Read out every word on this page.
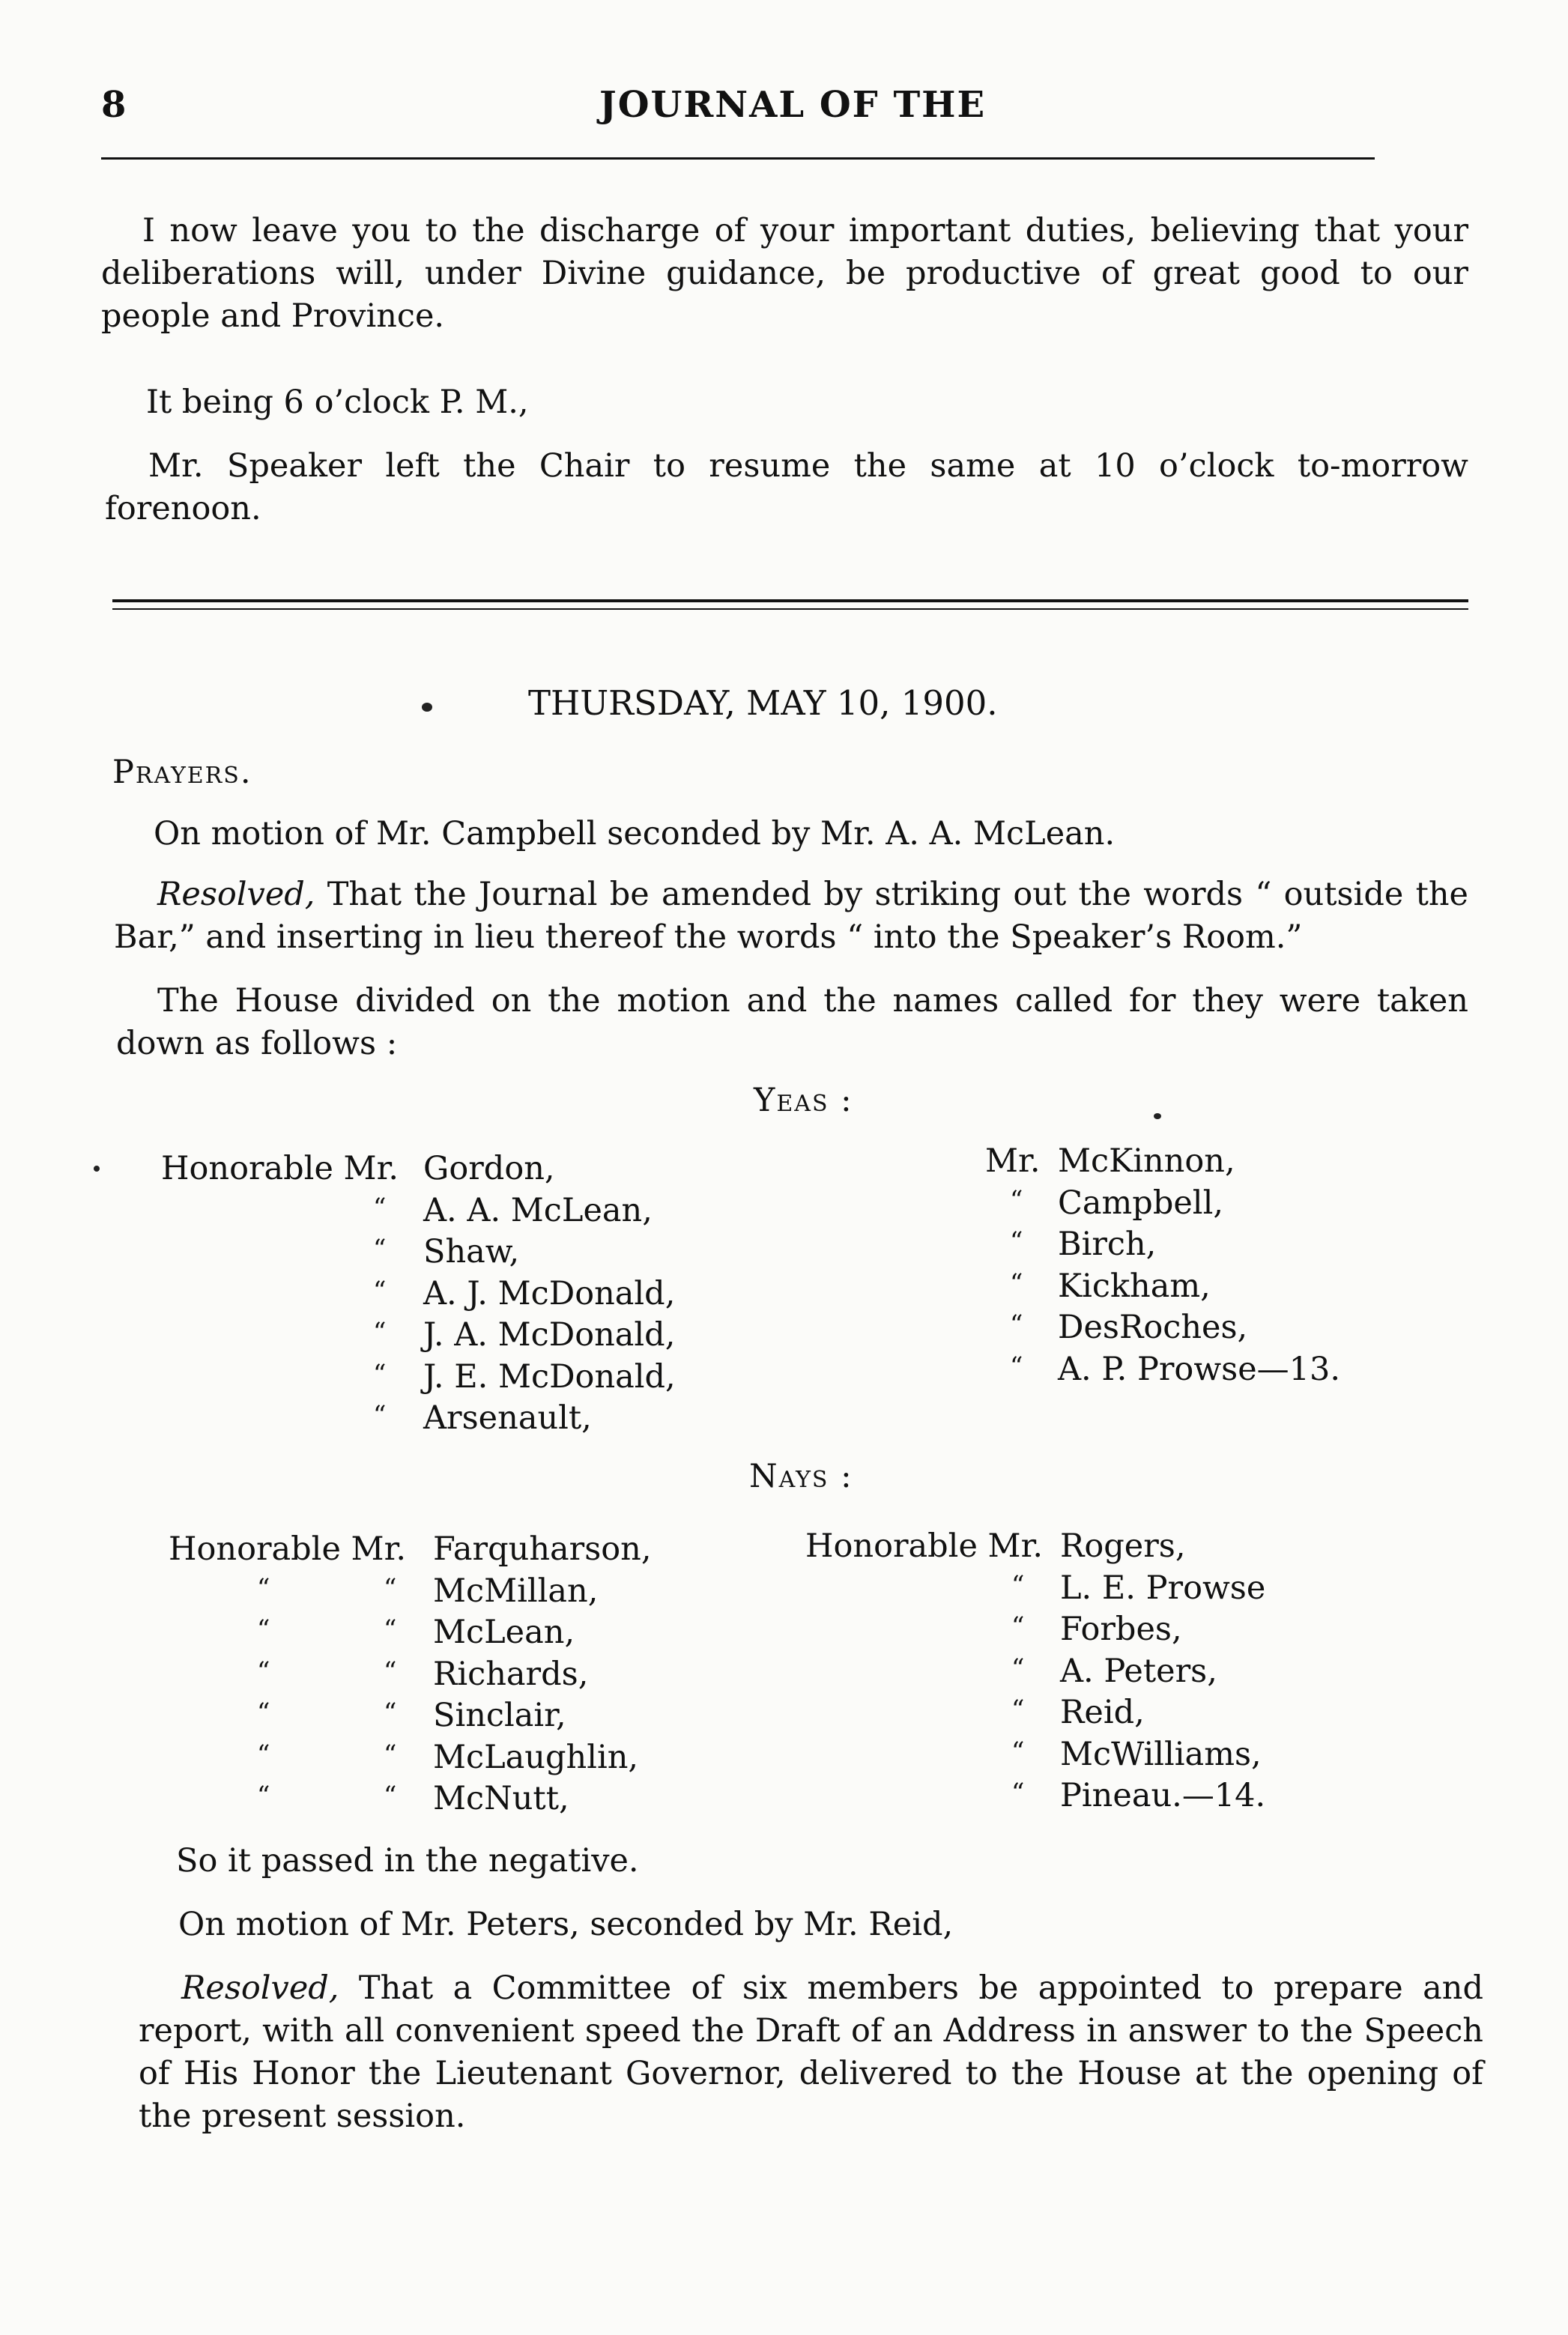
8	JOURNAL OF THE
I now leave you to the discharge of your important duties, believing that your deliberations will, under Divine guidance, be productive of great good to our people and Province.
It being 6 o’clock P. M.,
Mr. Speaker left the Chair to resume the same at 10 o’clock to-morrow forenoon.
THURSDAY, MAY 10, 1900.
Prayers.
On motion of Mr. Campbell seconded by Mr. A. A. McLean.
Resolved, That the Journal be amended by striking out the words “ outside the Bar,” and inserting in lieu thereof the words “ into the Speaker’s Room.”
The House divided on the motion and the names called for they were taken down as follows :
Yeas :
Honorable Mr. Gordon,
“ A. A. McLean,
“ Shaw,
“ A. J. McDonald,
“ J. A. McDonald,
“ J. E. McDonald,
“ Arsenault,
Mr. McKinnon,
“ Campbell,
“ Birch,
“ Kickham,
“ DesRoches,
“ A. P. Prowse—13.
Nays :
Honorable Mr. Farquharson,
“	“ McMillan,
“	“ McLean,
“	“ Richards,
“	“ Sinclair,
“	“ McLaughlin,
“	“ McNutt,
Honorable Mr. Rogers,
“ L. E. Prowse
“ Forbes,
“ A. Peters,
“ Reid,
“ McWilliams,
“ Pineau.—14.
So it passed in the negative.
On motion of Mr. Peters, seconded by Mr. Reid,
Resolved, That a Committee of six members be appointed to prepare and report, with all convenient speed the Draft of an Address in answer to the Speech of His Honor the Lieutenant Governor, delivered to the House at the opening of the present session.
